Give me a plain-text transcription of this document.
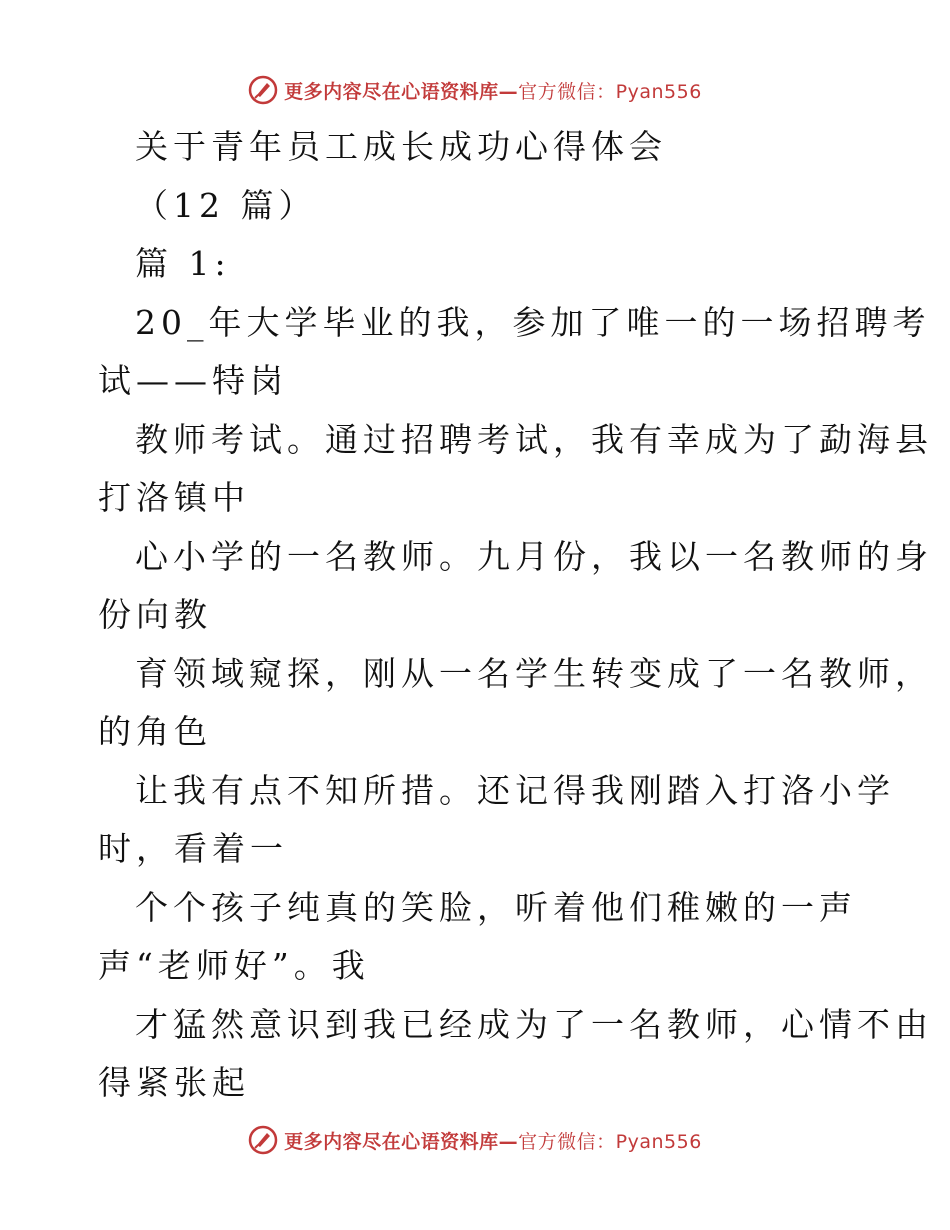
更多内容尽在心语资料库—官方微信：Pyan556
关于青年员工成长成功心得体会
（12 篇）
篇 1:
20_年大学毕业的我，参加了唯一的一场招聘考
试——特岗
教师考试。通过招聘考试，我有幸成为了勐海县
打洛镇中
心小学的一名教师。九月份，我以一名教师的身
份向教
育领域窥探，刚从一名学生转变成了一名教师，
的角色
让我有点不知所措。还记得我刚踏入打洛小学
时，看着一
个个孩子纯真的笑脸，听着他们稚嫩的一声
声“老师好”。我
才猛然意识到我已经成为了一名教师，心情不由
得紧张起
更多内容尽在心语资料库—官方微信：Pyan556
